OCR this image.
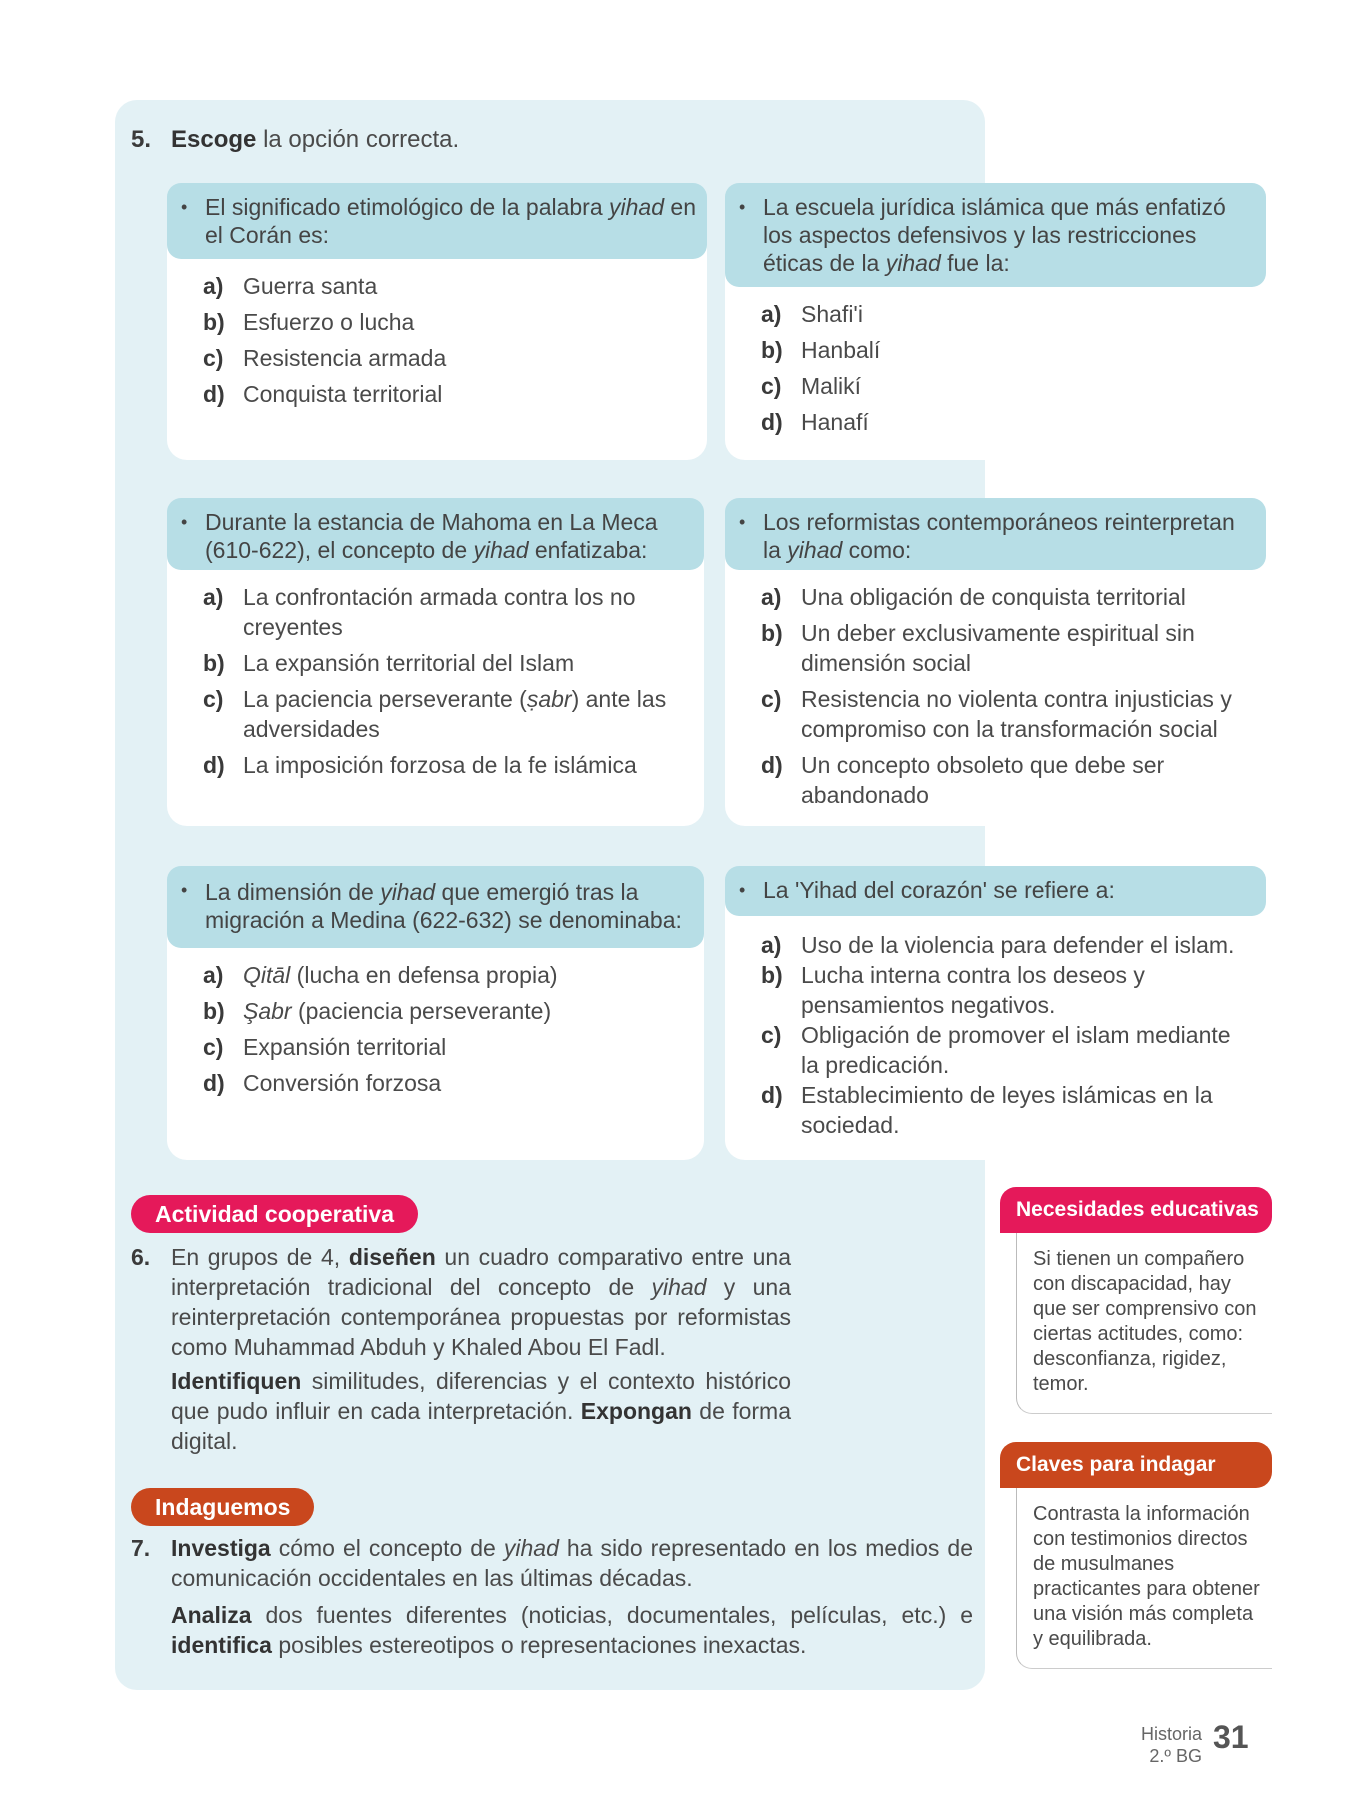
5. Escoge la opción correcta.
• El significado etimológico de la palabra yihad en el Corán es:
a) Guerra santa
b) Esfuerzo o lucha
c) Resistencia armada
d) Conquista territorial
• La escuela jurídica islámica que más enfatizó los aspectos defensivos y las restricciones éticas de la yihad fue la:
a) Shafi'i
b) Hanbalí
c) Malikí
d) Hanafí
• Durante la estancia de Mahoma en La Meca (610-622), el concepto de yihad enfatizaba:
a) La confrontación armada contra los no creyentes
b) La expansión territorial del Islam
c) La paciencia perseverante (ṣabr) ante las adversidades
d) La imposición forzosa de la fe islámica
• Los reformistas contemporáneos reinterpretan la yihad como:
a) Una obligación de conquista territorial
b) Un deber exclusivamente espiritual sin dimensión social
c) Resistencia no violenta contra injusticias y compromiso con la transformación social
d) Un concepto obsoleto que debe ser abandonado
• La dimensión de yihad que emergió tras la migración a Medina (622-632) se denominaba:
a) Qitāl (lucha en defensa propia)
b) Şabr (paciencia perseverante)
c) Expansión territorial
d) Conversión forzosa
• La 'Yihad del corazón' se refiere a:
a) Uso de la violencia para defender el islam.
b) Lucha interna contra los deseos y pensamientos negativos.
c) Obligación de promover el islam mediante la predicación.
d) Establecimiento de leyes islámicas en la sociedad.
Actividad cooperativa
6. En grupos de 4, diseñen un cuadro comparativo entre una interpretación tradicional del concepto de yihad y una reinterpretación contemporánea propuestas por reformistas como Muhammad Abduh y Khaled Abou El Fadl.
Identifiquen similitudes, diferencias y el contexto histórico que pudo influir en cada interpretación. Expongan de forma digital.
Indaguemos
7. Investiga cómo el concepto de yihad ha sido representado en los medios de comunicación occidentales en las últimas décadas.
Analiza dos fuentes diferentes (noticias, documentales, películas, etc.) e identifica posibles estereotipos o representaciones inexactas.
Necesidades educativas
Si tienen un compañero con discapacidad, hay que ser comprensivo con ciertas actitudes, como: desconfianza, rigidez, temor.
Claves para indagar
Contrasta la información con testimonios directos de musulmanes practicantes para obtener una visión más completa y equilibrada.
Historia
2.º BG
31
